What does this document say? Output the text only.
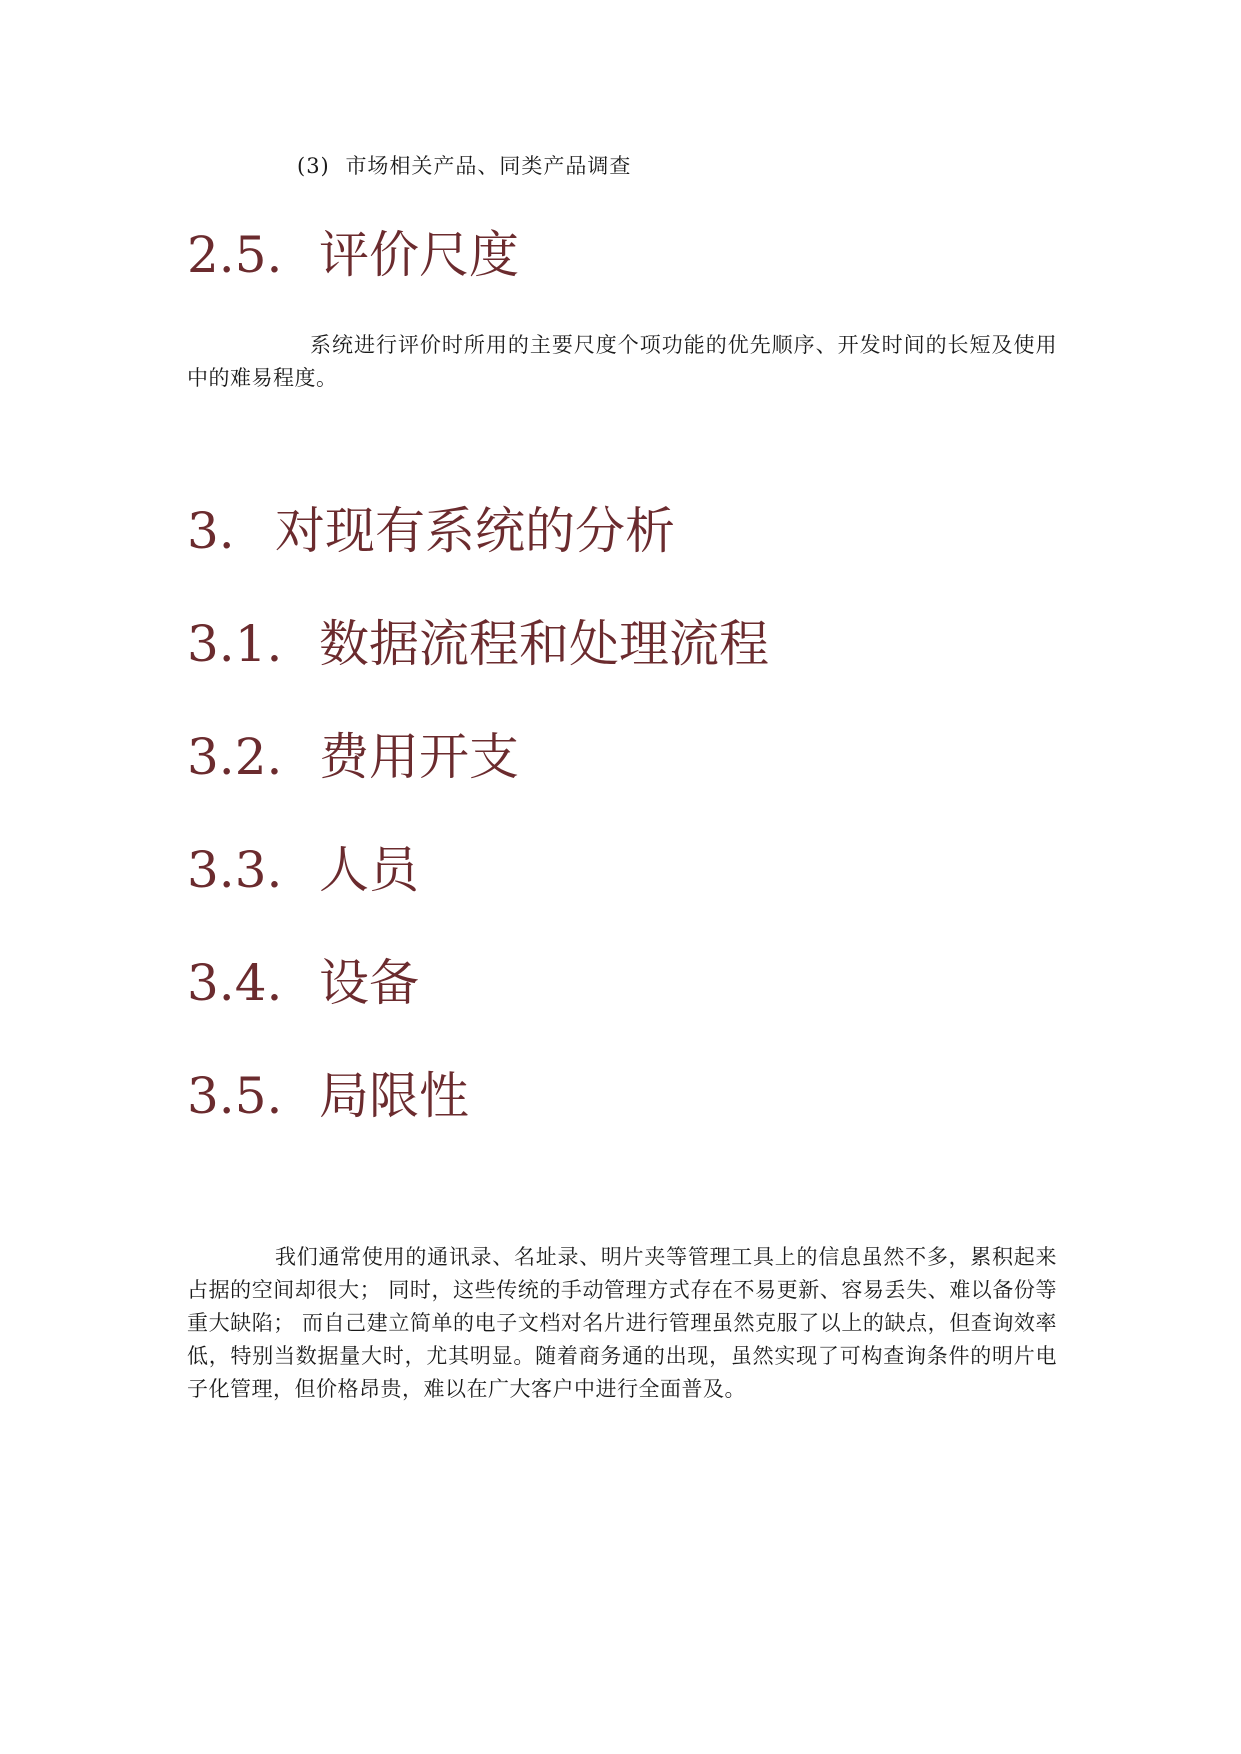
(3) 市场相关产品、同类产品调查
2.5. 评价尺度

系统进行评价时所用的主要尺度个项功能的优先顺序、开发时间的长短及使用中的难易程度。

3. 对现有系统的分析
3.1. 数据流程和处理流程
3.2. 费用开支
3.3. 人员
3.4. 设备
3.5. 局限性

我们通常使用的通讯录、名址录、明片夹等管理工具上的信息虽然不多，累积起来占据的空间却很大； 同时，这些传统的手动管理方式存在不易更新、容易丢失、难以备份等重大缺陷； 而自己建立简单的电子文档对名片进行管理虽然克服了以上的缺点，但查询效率低，特别当数据量大时，尤其明显。随着商务通的出现，虽然实现了可构查询条件的明片电子化管理，但价格昂贵，难以在广大客户中进行全面普及。
